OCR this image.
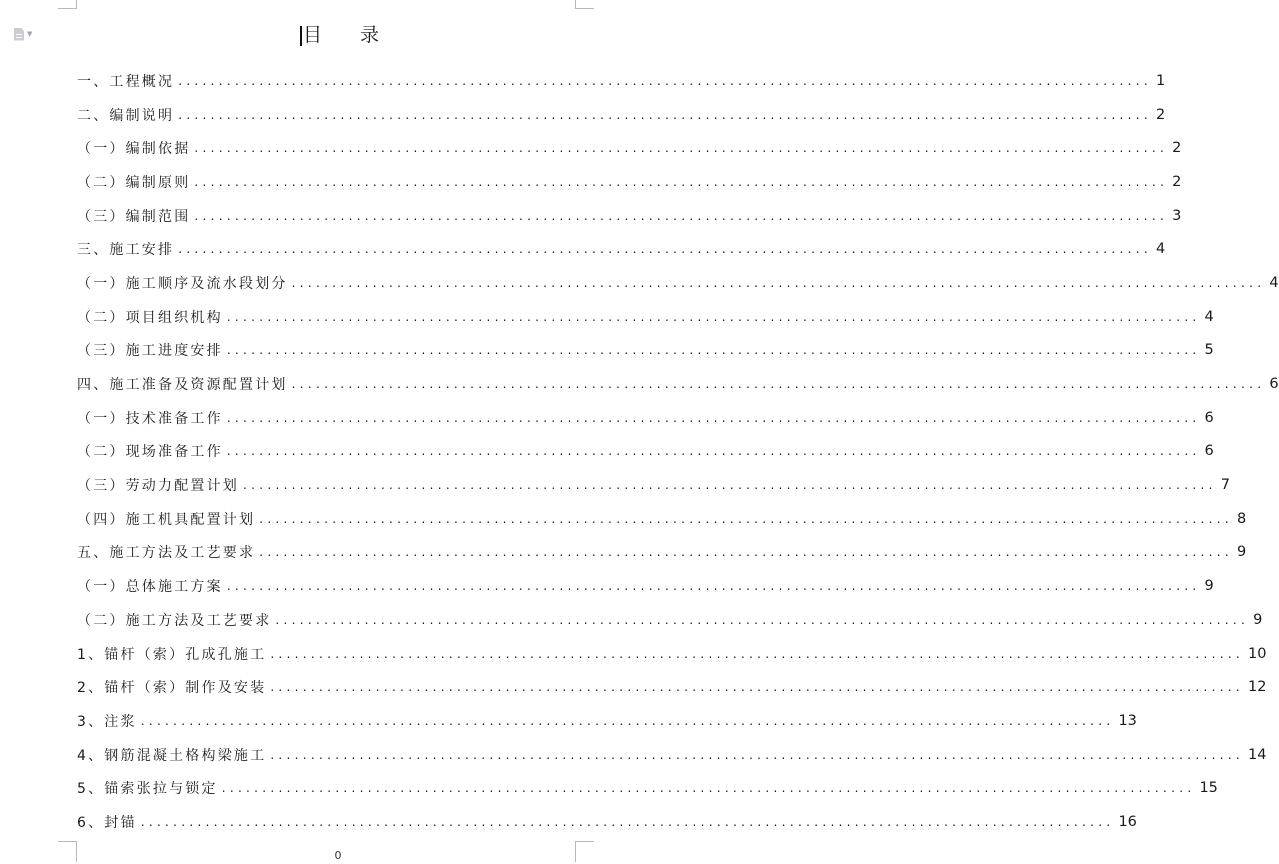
▼	目 录
一、工程概况 ........................................................................................................................ 1
二、编制说明 ........................................................................................................................ 2
（一）编制依据 ........................................................................................................................ 2
（二）编制原则 ........................................................................................................................ 2
（三）编制范围 ........................................................................................................................ 3
三、施工安排 ........................................................................................................................ 4
（一）施工顺序及流水段划分 ........................................................................................................................ 4
（二）项目组织机构 ........................................................................................................................ 4
（三）施工进度安排 ........................................................................................................................ 5
四、施工准备及资源配置计划 ........................................................................................................................ 6
（一）技术准备工作 ........................................................................................................................ 6
（二）现场准备工作 ........................................................................................................................ 6
（三）劳动力配置计划 ........................................................................................................................ 7
（四）施工机具配置计划 ........................................................................................................................ 8
五、施工方法及工艺要求 ........................................................................................................................ 9
（一）总体施工方案 ........................................................................................................................ 9
（二）施工方法及工艺要求 ........................................................................................................................ 9
1、锚杆（索）孔成孔施工 ........................................................................................................................ 10
2、锚杆（索）制作及安装 ........................................................................................................................ 12
3、注浆 ........................................................................................................................ 13
4、钢筋混凝土格构梁施工 ........................................................................................................................ 14
5、锚索张拉与锁定 ........................................................................................................................ 15
6、封锚 ........................................................................................................................ 16
0
